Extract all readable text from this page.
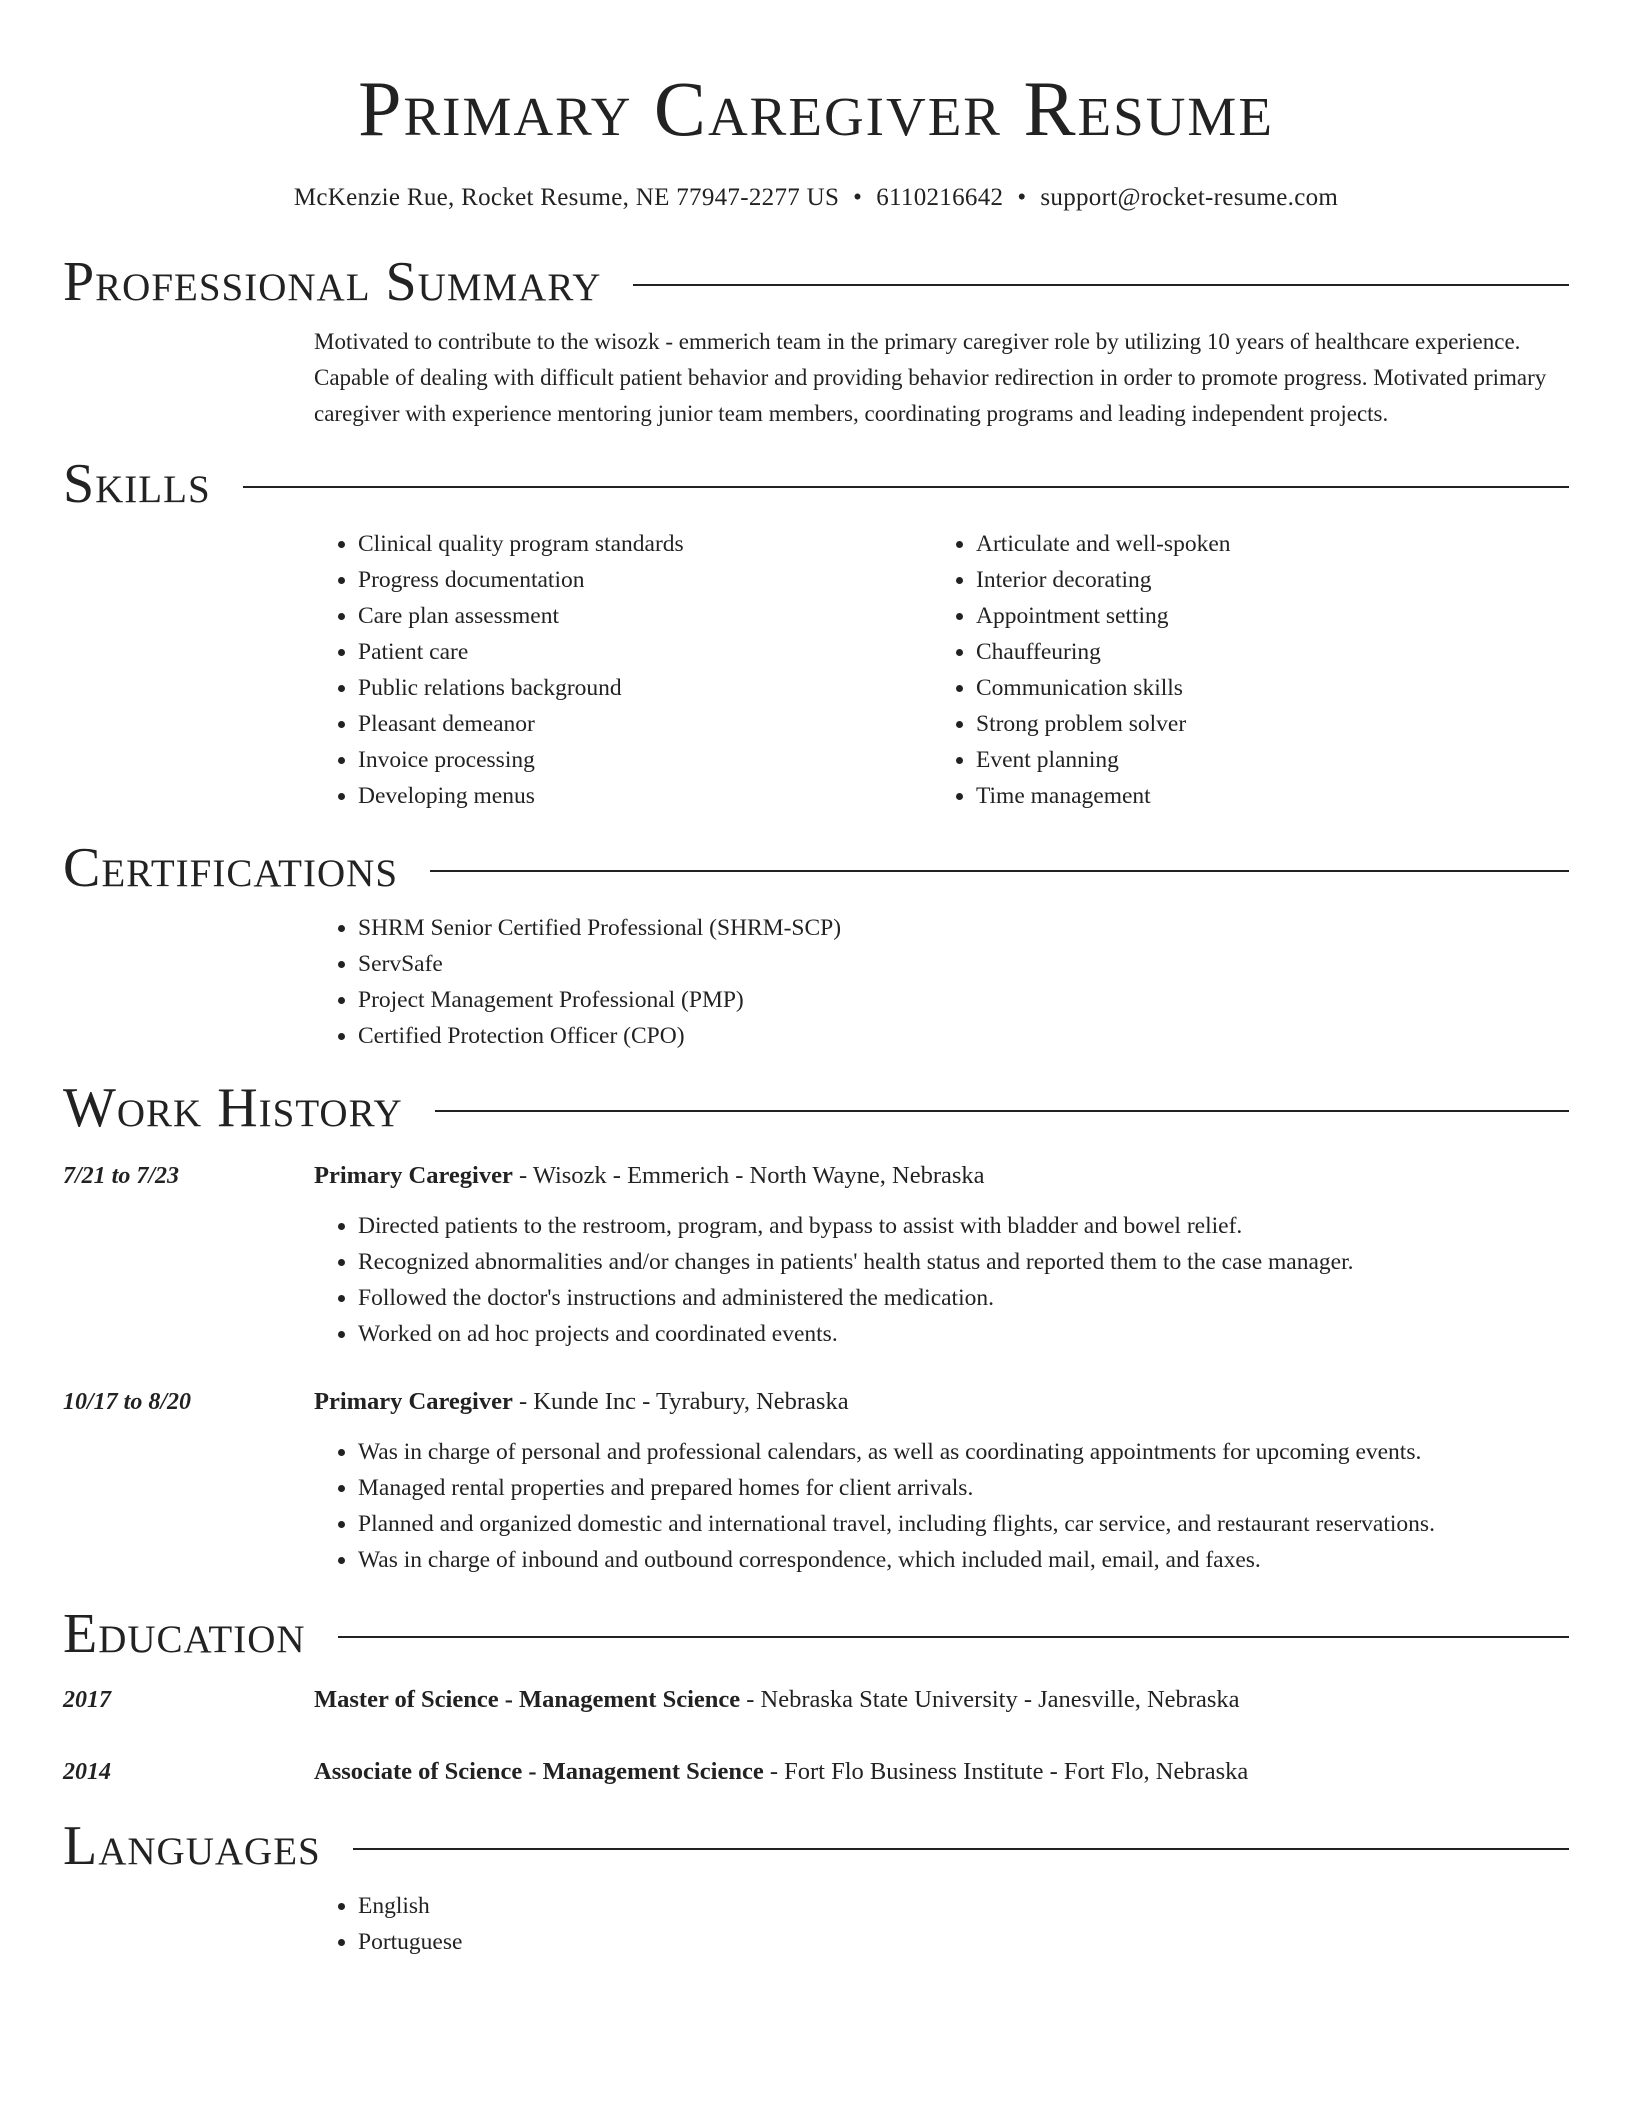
Primary Caregiver Resume
McKenzie Rue, Rocket Resume, NE 77947-2277 US • 6110216642 • support@rocket-resume.com
Professional Summary

Motivated to contribute to the wisozk - emmerich team in the primary caregiver role by utilizing 10 years of healthcare experience. Capable of dealing with difficult patient behavior and providing behavior redirection in order to promote progress. Motivated primary caregiver with experience mentoring junior team members, coordinating programs and leading independent projects.

Skills
• Clinical quality program standards
• Progress documentation
• Care plan assessment
• Patient care
• Public relations background
• Pleasant demeanor
• Invoice processing
• Developing menus
• Articulate and well-spoken
• Interior decorating
• Appointment setting
• Chauffeuring
• Communication skills
• Strong problem solver
• Event planning
• Time management
Certifications
• SHRM Senior Certified Professional (SHRM-SCP)
• ServSafe
• Project Management Professional (PMP)
• Certified Protection Officer (CPO)
Work History
7/21 to 7/23	Primary Caregiver - Wisozk - Emmerich - North Wayne, Nebraska
• Directed patients to the restroom, program, and bypass to assist with bladder and bowel relief.
• Recognized abnormalities and/or changes in patients' health status and reported them to the case manager.
• Followed the doctor's instructions and administered the medication.
• Worked on ad hoc projects and coordinated events.
10/17 to 8/20	Primary Caregiver - Kunde Inc - Tyrabury, Nebraska
• Was in charge of personal and professional calendars, as well as coordinating appointments for upcoming events.
• Managed rental properties and prepared homes for client arrivals.
• Planned and organized domestic and international travel, including flights, car service, and restaurant reservations.
• Was in charge of inbound and outbound correspondence, which included mail, email, and faxes.
Education
2017	Master of Science - Management Science - Nebraska State University - Janesville, Nebraska
2014	Associate of Science - Management Science - Fort Flo Business Institute - Fort Flo, Nebraska
Languages
• English
• Portuguese
